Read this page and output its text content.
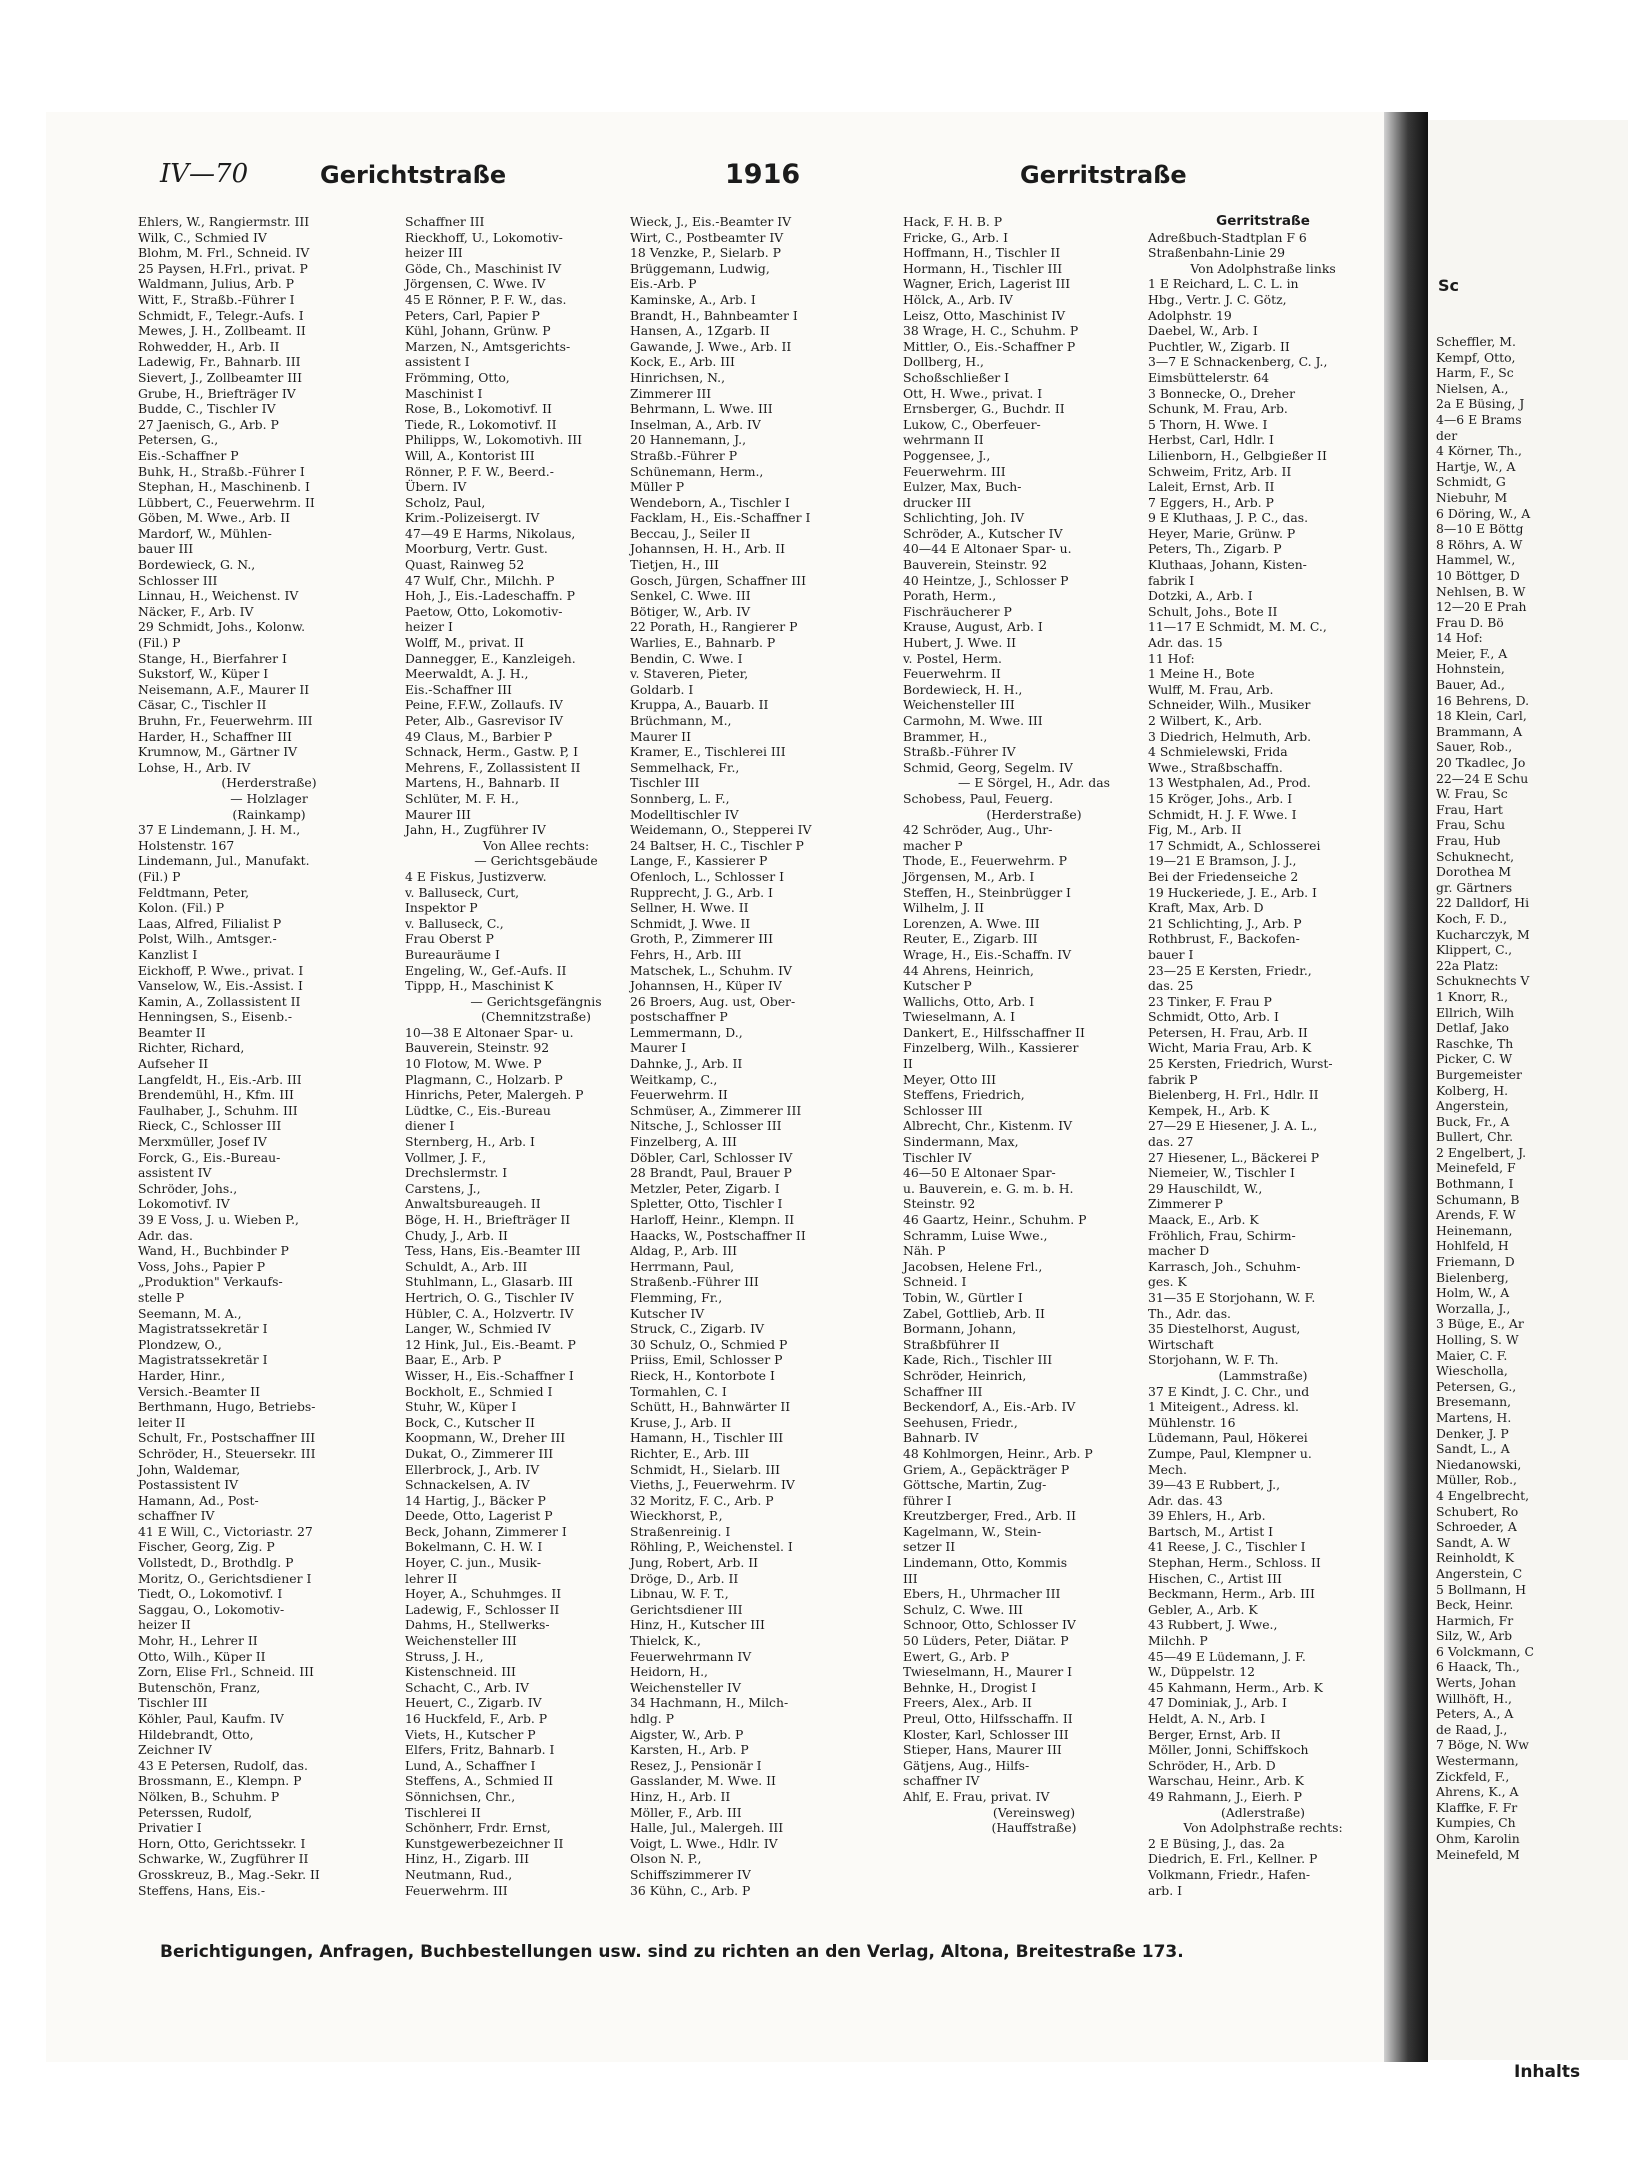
Sc
Scheffler, M.
Kempf, Otto,
Harm, F., Sc
Nielsen, A.,
2a E Büsing, J
4—6 E Brams
der
4 Körner, Th.,
Hartje, W., A
Schmidt, G
Niebuhr, M
6 Döring, W., A
8—10 E Böttg
8 Röhrs, A. W
Hammel, W.,
10 Böttger, D
Nehlsen, B. W
12—20 E Prah
Frau D. Bö
14 Hof:
Meier, F., A
Hohnstein,
Bauer, Ad.,
16 Behrens, D.
18 Klein, Carl,
Brammann, A
Sauer, Rob.,
20 Tkadlec, Jo
22—24 E Schu
W. Frau, Sc
Frau, Hart
Frau, Schu
Frau, Hub
Schuknecht,
Dorothea M
gr. Gärtners
22 Dalldorf, Hi
Koch, F. D.,
Kucharczyk, M
Klippert, C.,
22a Platz:
Schuknechts V
1 Knorr, R.,
Ellrich, Wilh
Detlaf, Jako
Raschke, Th
Picker, C. W
Burgemeister
Kolberg, H.
Angerstein,
Buck, Fr., A
Bullert, Chr.
2 Engelbert, J.
Meinefeld, F
Bothmann, I
Schumann, B
Arends, F. W
Heinemann,
Hohlfeld, H
Friemann, D
Bielenberg,
Holm, W., A
Worzalla, J.,
3 Büge, E., Ar
Holling, S. W
Maier, C. F.
Wiescholla,
Petersen, G.,
Bresemann,
Martens, H.
Denker, J. P
Sandt, L., A
Niedanowski,
Müller, Rob.,
4 Engelbrecht,
Schubert, Ro
Schroeder, A
Sandt, A. W
Reinholdt, K
Angerstein, C
5 Bollmann, H
Beck, Heinr.
Harmich, Fr
Silz, W., Arb
6 Volckmann, C
6 Haack, Th.,
Werts, Johan
Willhöft, H.,
Peters, A., A
de Raad, J.,
7 Böge, N. Ww
Westermann,
Zickfeld, F.,
Ahrens, K., A
Klaffke, F. Fr
Kumpies, Ch
Ohm, Karolin
Meinefeld, M
Inhalts
IV—70	Gerichtstraße	1916	Gerritstraße
Ehlers, W., Rangiermstr. III
Wilk, C., Schmied IV
Blohm, M. Frl., Schneid. IV
25 Paysen, H.Frl., privat. P
Waldmann, Julius, Arb. P
Witt, F., Straßb.-Führer I
Schmidt, F., Telegr.-Aufs. I
Mewes, J. H., Zollbeamt. II
Rohwedder, H., Arb. II
Ladewig, Fr., Bahnarb. III
Sievert, J., Zollbeamter III
Grube, H., Briefträger IV
Budde, C., Tischler IV
27 Jaenisch, G., Arb. P
Petersen, G.,
Eis.-Schaffner P
Buhk, H., Straßb.-Führer I
Stephan, H., Maschinenb. I
Lübbert, C., Feuerwehrm. II
Göben, M. Wwe., Arb. II
Mardorf, W., Mühlen-
bauer III
Bordewieck, G. N.,
Schlosser III
Linnau, H., Weichenst. IV
Näcker, F., Arb. IV
29 Schmidt, Johs., Kolonw.
(Fil.) P
Stange, H., Bierfahrer I
Sukstorf, W., Küper I
Neisemann, A.F., Maurer II
Cäsar, C., Tischler II
Bruhn, Fr., Feuerwehrm. III
Harder, H., Schaffner III
Krumnow, M., Gärtner IV
Lohse, H., Arb. IV
(Herderstraße)
— Holzlager
(Rainkamp)
37 E Lindemann, J. H. M.,
Holstenstr. 167
Lindemann, Jul., Manufakt.
(Fil.) P
Feldtmann, Peter,
Kolon. (Fil.) P
Laas, Alfred, Filialist P
Polst, Wilh., Amtsger.-
Kanzlist I
Eickhoff, P. Wwe., privat. I
Vanselow, W., Eis.-Assist. I
Kamin, A., Zollassistent II
Henningsen, S., Eisenb.-
Beamter II
Richter, Richard,
Aufseher II
Langfeldt, H., Eis.-Arb. III
Brendemühl, H., Kfm. III
Faulhaber, J., Schuhm. III
Rieck, C., Schlosser III
Merxmüller, Josef IV
Forck, G., Eis.-Bureau-
assistent IV
Schröder, Johs.,
Lokomotivf. IV
39 E Voss, J. u. Wieben P.,
Adr. das.
Wand, H., Buchbinder P
Voss, Johs., Papier P
„Produktion" Verkaufs-
stelle P
Seemann, M. A.,
Magistratssekretär I
Plondzew, O.,
Magistratssekretär I
Harder, Hinr.,
Versich.-Beamter II
Berthmann, Hugo, Betriebs-
leiter II
Schult, Fr., Postschaffner III
Schröder, H., Steuersekr. III
John, Waldemar,
Postassistent IV
Hamann, Ad., Post-
schaffner IV
41 E Will, C., Victoriastr. 27
Fischer, Georg, Zig. P
Vollstedt, D., Brothdlg. P
Moritz, O., Gerichtsdiener I
Tiedt, O., Lokomotivf. I
Saggau, O., Lokomotiv-
heizer II
Mohr, H., Lehrer II
Otto, Wilh., Küper II
Zorn, Elise Frl., Schneid. III
Butenschön, Franz,
Tischler III
Köhler, Paul, Kaufm. IV
Hildebrandt, Otto,
Zeichner IV
43 E Petersen, Rudolf, das.
Brossmann, E., Klempn. P
Nölken, B., Schuhm. P
Peterssen, Rudolf,
Privatier I
Horn, Otto, Gerichtssekr. I
Schwarke, W., Zugführer II
Grosskreuz, B., Mag.-Sekr. II
Steffens, Hans, Eis.-
Schaffner III
Rieckhoff, U., Lokomotiv-
heizer III
Göde, Ch., Maschinist IV
Jörgensen, C. Wwe. IV
45 E Rönner, P. F. W., das.
Peters, Carl, Papier P
Kühl, Johann, Grünw. P
Marzen, N., Amtsgerichts-
assistent I
Frömming, Otto,
Maschinist I
Rose, B., Lokomotivf. II
Tiede, R., Lokomotivf. II
Philipps, W., Lokomotivh. III
Will, A., Kontorist III
Rönner, P. F. W., Beerd.-
Übern. IV
Scholz, Paul,
Krim.-Polizeisergt. IV
47—49 E Harms, Nikolaus,
Moorburg, Vertr. Gust.
Quast, Rainweg 52
47 Wulf, Chr., Milchh. P
Hoh, J., Eis.-Ladeschaffn. P
Paetow, Otto, Lokomotiv-
heizer I
Wolff, M., privat. II
Dannegger, E., Kanzleigeh.
Meerwaldt, A. J. H.,
Eis.-Schaffner III
Peine, F.F.W., Zollaufs. IV
Peter, Alb., Gasrevisor IV
49 Claus, M., Barbier P
Schnack, Herm., Gastw. P, I
Mehrens, F., Zollassistent II
Martens, H., Bahnarb. II
Schlüter, M. F. H.,
Maurer III
Jahn, H., Zugführer IV
Von Allee rechts:
— Gerichtsgebäude
4 E Fiskus, Justizverw.
v. Balluseck, Curt,
Inspektor P
v. Balluseck, C.,
Frau Oberst P
Bureauräume I
Engeling, W., Gef.-Aufs. II
Tippp, H., Maschinist K
— Gerichtsgefängnis
(Chemnitzstraße)
10—38 E Altonaer Spar- u.
Bauverein, Steinstr. 92
10 Flotow, M. Wwe. P
Plagmann, C., Holzarb. P
Hinrichs, Peter, Malergeh. P
Lüdtke, C., Eis.-Bureau
diener I
Sternberg, H., Arb. I
Vollmer, J. F.,
Drechslermstr. I
Carstens, J.,
Anwaltsbureaugeh. II
Böge, H. H., Briefträger II
Chudy, J., Arb. II
Tess, Hans, Eis.-Beamter III
Schuldt, A., Arb. III
Stuhlmann, L., Glasarb. III
Hertrich, O. G., Tischler IV
Hübler, C. A., Holzvertr. IV
Langer, W., Schmied IV
12 Hink, Jul., Eis.-Beamt. P
Baar, E., Arb. P
Wisser, H., Eis.-Schaffner I
Bockholt, E., Schmied I
Stuhr, W., Küper I
Bock, C., Kutscher II
Koopmann, W., Dreher III
Dukat, O., Zimmerer III
Ellerbrock, J., Arb. IV
Schnackelsen, A. IV
14 Hartig, J., Bäcker P
Deede, Otto, Lagerist P
Beck, Johann, Zimmerer I
Bokelmann, C. H. W. I
Hoyer, C. jun., Musik-
lehrer II
Hoyer, A., Schuhmges. II
Ladewig, F., Schlosser II
Dahms, H., Stellwerks-
Weichensteller III
Struss, J. H.,
Kistenschneid. III
Schacht, C., Arb. IV
Heuert, C., Zigarb. IV
16 Huckfeld, F., Arb. P
Viets, H., Kutscher P
Elfers, Fritz, Bahnarb. I
Lund, A., Schaffner I
Steffens, A., Schmied II
Sönnichsen, Chr.,
Tischlerei II
Schönherr, Frdr. Ernst,
Kunstgewerbezeichner II
Hinz, H., Zigarb. III
Neutmann, Rud.,
Feuerwehrm. III
Wieck, J., Eis.-Beamter IV
Wirt, C., Postbeamter IV
18 Venzke, P., Sielarb. P
Brüggemann, Ludwig,
Eis.-Arb. P
Kaminske, A., Arb. I
Brandt, H., Bahnbeamter I
Hansen, A., 1Zgarb. II
Gawande, J. Wwe., Arb. II
Kock, E., Arb. III
Hinrichsen, N.,
Zimmerer III
Behrmann, L. Wwe. III
Inselman, A., Arb. IV
20 Hannemann, J.,
Straßb.-Führer P
Schünemann, Herm.,
Müller P
Wendeborn, A., Tischler I
Facklam, H., Eis.-Schaffner I
Beccau, J., Seiler II
Johannsen, H. H., Arb. II
Tietjen, H., III
Gosch, Jürgen, Schaffner III
Senkel, C. Wwe. III
Bötiger, W., Arb. IV
22 Porath, H., Rangierer P
Warlies, E., Bahnarb. P
Bendin, C. Wwe. I
v. Staveren, Pieter,
Goldarb. I
Kruppa, A., Bauarb. II
Brüchmann, M.,
Maurer II
Kramer, E., Tischlerei III
Semmelhack, Fr.,
Tischler III
Sonnberg, L. F.,
Modelltischler IV
Weidemann, O., Stepperei IV
24 Baltser, H. C., Tischler P
Lange, F., Kassierer P
Ofenloch, L., Schlosser I
Rupprecht, J. G., Arb. I
Sellner, H. Wwe. II
Schmidt, J. Wwe. II
Groth, P., Zimmerer III
Fehrs, H., Arb. III
Matschek, L., Schuhm. IV
Johannsen, H., Küper IV
26 Broers, Aug. ust, Ober-
postschaffner P
Lemmermann, D.,
Maurer I
Dahnke, J., Arb. II
Weitkamp, C.,
Feuerwehrm. II
Schmüser, A., Zimmerer III
Nitsche, J., Schlosser III
Finzelberg, A. III
Döbler, Carl, Schlosser IV
28 Brandt, Paul, Brauer P
Metzler, Peter, Zigarb. I
Spletter, Otto, Tischler I
Harloff, Heinr., Klempn. II
Haacks, W., Postschaffner II
Aldag, P., Arb. III
Herrmann, Paul,
Straßenb.-Führer III
Flemming, Fr.,
Kutscher IV
Struck, C., Zigarb. IV
30 Schulz, O., Schmied P
Priiss, Emil, Schlosser P
Rieck, H., Kontorbote I
Tormahlen, C. I
Schütt, H., Bahnwärter II
Kruse, J., Arb. II
Hamann, H., Tischler III
Richter, E., Arb. III
Schmidt, H., Sielarb. III
Vieths, J., Feuerwehrm. IV
32 Moritz, F. C., Arb. P
Wieckhorst, P.,
Straßenreinig. I
Röhling, P., Weichenstel. I
Jung, Robert, Arb. II
Dröge, D., Arb. II
Libnau, W. F. T.,
Gerichtsdiener III
Hinz, H., Kutscher III
Thielck, K.,
Feuerwehrmann IV
Heidorn, H.,
Weichensteller IV
34 Hachmann, H., Milch-
hdlg. P
Aigster, W., Arb. P
Karsten, H., Arb. P
Resez, J., Pensionär I
Gasslander, M. Wwe. II
Hinz, H., Arb. II
Möller, F., Arb. III
Halle, Jul., Malergeh. III
Voigt, L. Wwe., Hdlr. IV
Olson N. P.,
Schiffszimmerer IV
36 Kühn, C., Arb. P
Hack, F. H. B. P
Fricke, G., Arb. I
Hoffmann, H., Tischler II
Hormann, H., Tischler III
Wagner, Erich, Lagerist III
Hölck, A., Arb. IV
Leisz, Otto, Maschinist IV
38 Wrage, H. C., Schuhm. P
Mittler, O., Eis.-Schaffner P
Dollberg, H.,
Schoßschließer I
Ott, H. Wwe., privat. I
Ernsberger, G., Buchdr. II
Lukow, C., Oberfeuer-
wehrmann II
Poggensee, J.,
Feuerwehrm. III
Eulzer, Max, Buch-
drucker III
Schlichting, Joh. IV
Schröder, A., Kutscher IV
40—44 E Altonaer Spar- u.
Bauverein, Steinstr. 92
40 Heintze, J., Schlosser P
Porath, Herm.,
Fischräucherer P
Krause, August, Arb. I
Hubert, J. Wwe. II
v. Postel, Herm.
Feuerwehrm. II
Bordewieck, H. H.,
Weichensteller III
Carmohn, M. Wwe. III
Brammer, H.,
Straßb.-Führer IV
Schmid, Georg, Segelm. IV
— E Sörgel, H., Adr. das
Schobess, Paul, Feuerg.
(Herderstraße)
42 Schröder, Aug., Uhr-
macher P
Thode, E., Feuerwehrm. P
Jörgensen, M., Arb. I
Steffen, H., Steinbrügger I
Wilhelm, J. II
Lorenzen, A. Wwe. III
Reuter, E., Zigarb. III
Wrage, H., Eis.-Schaffn. IV
44 Ahrens, Heinrich,
Kutscher P
Wallichs, Otto, Arb. I
Twieselmann, A. I
Dankert, E., Hilfsschaffner II
Finzelberg, Wilh., Kassierer
II
Meyer, Otto III
Steffens, Friedrich,
Schlosser III
Albrecht, Chr., Kistenm. IV
Sindermann, Max,
Tischler IV
46—50 E Altonaer Spar-
u. Bauverein, e. G. m. b. H.
Steinstr. 92
46 Gaartz, Heinr., Schuhm. P
Schramm, Luise Wwe.,
Näh. P
Jacobsen, Helene Frl.,
Schneid. I
Tobin, W., Gürtler I
Zabel, Gottlieb, Arb. II
Bormann, Johann,
Straßbführer II
Kade, Rich., Tischler III
Schröder, Heinrich,
Schaffner III
Beckendorf, A., Eis.-Arb. IV
Seehusen, Friedr.,
Bahnarb. IV
48 Kohlmorgen, Heinr., Arb. P
Griem, A., Gepäckträger P
Göttsche, Martin, Zug-
führer I
Kreutzberger, Fred., Arb. II
Kagelmann, W., Stein-
setzer II
Lindemann, Otto, Kommis
III
Ebers, H., Uhrmacher III
Schulz, C. Wwe. III
Schnoor, Otto, Schlosser IV
50 Lüders, Peter, Diätar. P
Ewert, G., Arb. P
Twieselmann, H., Maurer I
Behnke, H., Drogist I
Freers, Alex., Arb. II
Preul, Otto, Hilfsschaffn. II
Kloster, Karl, Schlosser III
Stieper, Hans, Maurer III
Gätjens, Aug., Hilfs-
schaffner IV
Ahlf, E. Frau, privat. IV
(Vereinsweg)
(Hauffstraße)
Gerritstraße
Adreßbuch-Stadtplan F 6
Straßenbahn-Linie 29
Von Adolphstraße links
1 E Reichard, L. C. L. in
Hbg., Vertr. J. C. Götz,
Adolphstr. 19
Daebel, W., Arb. I
Puchtler, W., Zigarb. II
3—7 E Schnackenberg, C. J.,
Eimsbüttelerstr. 64
3 Bonnecke, O., Dreher
Schunk, M. Frau, Arb.
5 Thorn, H. Wwe. I
Herbst, Carl, Hdlr. I
Lilienborn, H., Gelbgießer II
Schweim, Fritz, Arb. II
Laleit, Ernst, Arb. II
7 Eggers, H., Arb. P
9 E Kluthaas, J. P. C., das.
Heyer, Marie, Grünw. P
Peters, Th., Zigarb. P
Kluthaas, Johann, Kisten-
fabrik I
Dotzki, A., Arb. I
Schult, Johs., Bote II
11—17 E Schmidt, M. M. C.,
Adr. das. 15
11 Hof:
1 Meine H., Bote
Wulff, M. Frau, Arb.
Schneider, Wilh., Musiker
2 Wilbert, K., Arb.
3 Diedrich, Helmuth, Arb.
4 Schmielewski, Frida
Wwe., Straßbschaffn.
13 Westphalen, Ad., Prod.
15 Kröger, Johs., Arb. I
Schmidt, H. J. F. Wwe. I
Fig, M., Arb. II
17 Schmidt, A., Schlosserei
19—21 E Bramson, J. J.,
Bei der Friedenseiche 2
19 Huckeriede, J. E., Arb. I
Kraft, Max, Arb. D
21 Schlichting, J., Arb. P
Rothbrust, F., Backofen-
bauer I
23—25 E Kersten, Friedr.,
das. 25
23 Tinker, F. Frau P
Schmidt, Otto, Arb. I
Petersen, H. Frau, Arb. II
Wicht, Maria Frau, Arb. K
25 Kersten, Friedrich, Wurst-
fabrik P
Bielenberg, H. Frl., Hdlr. II
Kempek, H., Arb. K
27—29 E Hiesener, J. A. L.,
das. 27
27 Hiesener, L., Bäckerei P
Niemeier, W., Tischler I
29 Hauschildt, W.,
Zimmerer P
Maack, E., Arb. K
Fröhlich, Frau, Schirm-
macher D
Karrasch, Joh., Schuhm-
ges. K
31—35 E Storjohann, W. F.
Th., Adr. das.
35 Diestelhorst, August,
Wirtschaft
Storjohann, W. F. Th.
(Lammstraße)
37 E Kindt, J. C. Chr., und
1 Miteigent., Adress. kl.
Mühlenstr. 16
Lüdemann, Paul, Hökerei
Zumpe, Paul, Klempner u.
Mech.
39—43 E Rubbert, J.,
Adr. das. 43
39 Ehlers, H., Arb.
Bartsch, M., Artist I
41 Reese, J. C., Tischler I
Stephan, Herm., Schloss. II
Hischen, C., Artist III
Beckmann, Herm., Arb. III
Gebler, A., Arb. K
43 Rubbert, J. Wwe.,
Milchh. P
45—49 E Lüdemann, J. F.
W., Düppelstr. 12
45 Kahmann, Herm., Arb. K
47 Dominiak, J., Arb. I
Heldt, A. N., Arb. I
Berger, Ernst, Arb. II
Möller, Jonni, Schiffskoch
Schröder, H., Arb. D
Warschau, Heinr., Arb. K
49 Rahmann, J., Eierh. P
(Adlerstraße)
Von Adolphstraße rechts:
2 E Büsing, J., das. 2a
Diedrich, E. Frl., Kellner. P
Volkmann, Friedr., Hafen-
arb. I
Berichtigungen, Anfragen, Buchbestellungen usw. sind zu richten an den Verlag, Altona, Breitestraße 173.
